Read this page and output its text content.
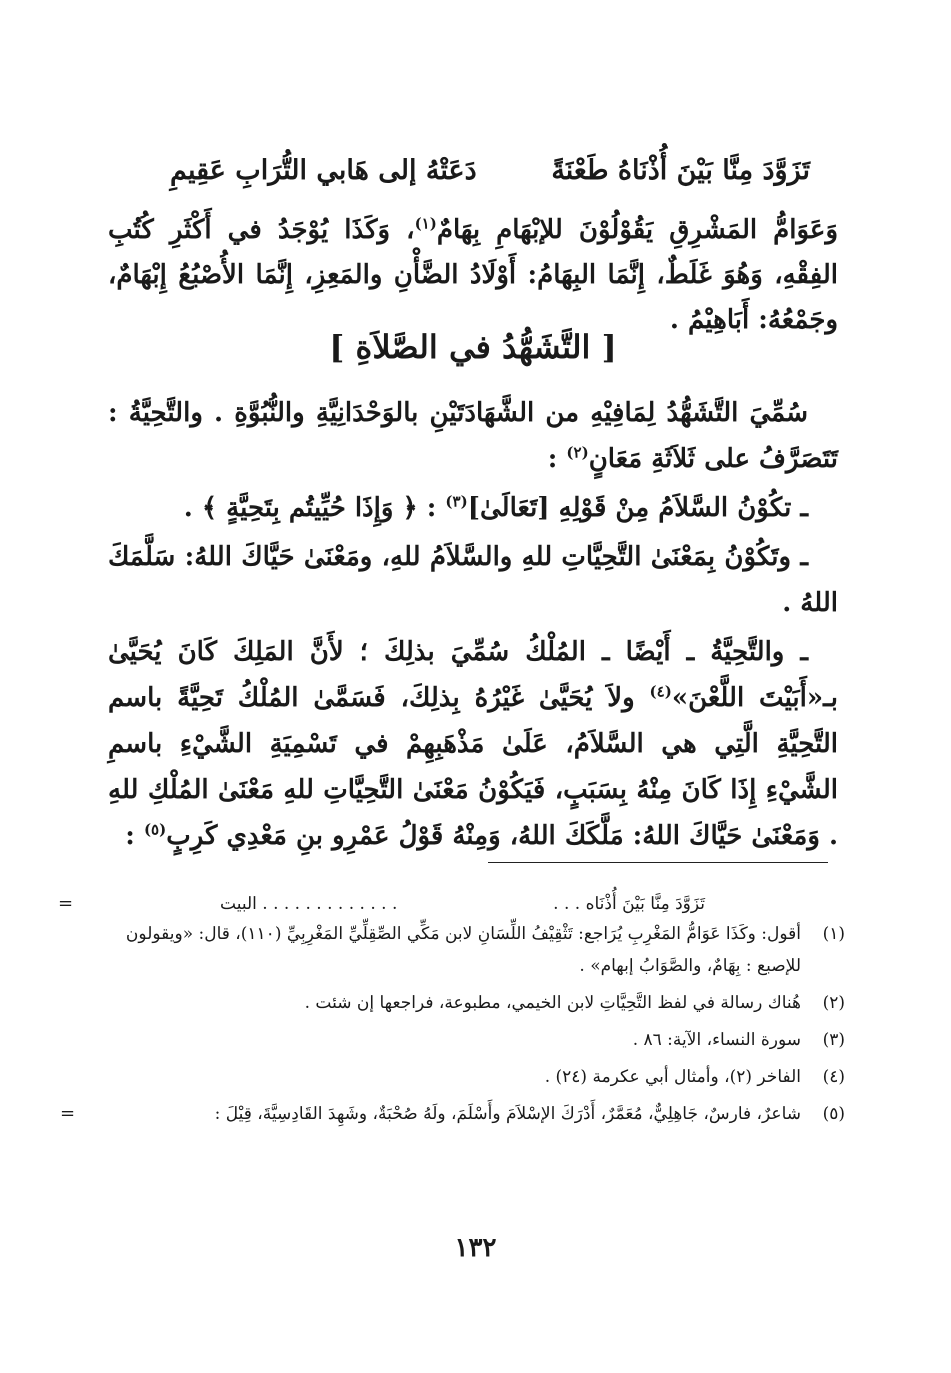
تَزَوَّدَ مِنَّا بَيْنَ أُذْنَاهُ طَعْنَةً
دَعَتْهُ إلى هَابي التُّرَابِ عَقِيمِ

وَعَوَامُّ المَشْرِقِ يَقُوْلُوْنَ للإبْهَامِ بِهَامٌ$^{(١)}$، وَكَذَا يُوْجَدُ في أَكْثَرِ كُتُبِ الفِقْهِ، وَهُوَ غَلَطٌ، إِنَّمَا البِهَامُ: أَوْلَادُ الضَّأْنِ والمَعِزِ، إِنَّمَا الأُصْبُعُ إِبْهَامٌ، وجَمْعُهُ: أَبَاهِيْمُ .

[ التَّشَهُّدُ في الصَّلاَةِ ]

سُمِّيَ التَّشَهُّدُ لِمَافِيْهِ من الشَّهَادَتَيْنِ بالوَحْدَانِيَّةِ والنُّبُوَّةِ . والتَّحِيَّةُ : تَتَصَرَّفُ على ثَلاَثَةِ مَعَانٍ$^{(٢)}$ :

ـ تكُوْنُ السَّلاَمُ مِنْ قَوْلِهِ [تَعَالَىٰ]$^{(٣)}$ : ﴿ وَإِذَا حُيِّيتُم بِتَحِيَّةٍ ﴾ .

ـ وتَكُوْنُ بِمَعْنَىٰ التَّحِيَّاتِ للهِ والسَّلاَمُ للهِ، ومَعْنَىٰ حَيَّاكَ اللهُ: سَلَّمَكَ اللهُ .

ـ والتَّحِيَّةُ ـ أَيْضًا ـ المُلْكُ سُمِّيَ بذلِكَ ؛ لأَنَّ المَلِكَ كَانَ يُحَيَّىٰ بـ«أَبَيْتَ اللَّعْنَ»$^{(٤)}$ ولاَ يُحَيَّىٰ غَيْرُهُ بِذلِكَ، فَسَمَّىٰ المُلْكُ تَحِيَّةً باسم التَّحِيَّةِ الَّتِي هي السَّلاَمُ، عَلَىٰ مَذْهَبِهِمْ في تَسْمِيَةِ الشَّيْءِ باسمِ الشَّيْءِ إِذَا كَانَ مِنْهُ بِسَبَبٍ، فَيَكُوْنُ مَعْنَىٰ التَّحِيَّاتِ للهِ مَعْنَىٰ المُلْكِ للهِ . وَمَعْنَىٰ حَيَّاكَ اللهُ: مَلَّكَكَ اللهُ، وَمِنْهُ قَوْلُ عَمْرِو بنِ مَعْدِي كَرِبٍ$^{(٥)}$ :

=	تَزَوَّدَ مِنَّا بَيْنَ أُذْنَاه . . .
. . . . . . . . . . . . . البيت
(١)
أقول: وكَذَا عَوَامُّ المَغْرِبِ يُرَاجع: تَثْقِيْفُ اللِّسَانِ لابن مَكِّي الصِّقِلِّيِّ المَغْرِبِيِّ (١١٠)، قال: «ويقولون للإصبع : بِهَامٌ، والصَّوَابُ إبهام» .
(٢)
هُناك رسالة في لفظ التَّحِيَّاتِ لابن الخيمي، مطبوعة، فراجعها إن شئت .
(٣)
سورة النساء، الآية: ٨٦ .
(٤)
الفاخر (٢)، وأمثال أبي عكرمة (٢٤) .
(٥)
شاعرٌ، فارسٌ، جَاهِلِيٌّ، مُعَمَّرٌ، أَدْرَكَ الإسْلاَمَ وأَسْلَمَ، ولَهُ صُحْبَةٌ، وشَهِدَ القَادِسِيَّةَ، قِيْلَ :
=
١٣٢
